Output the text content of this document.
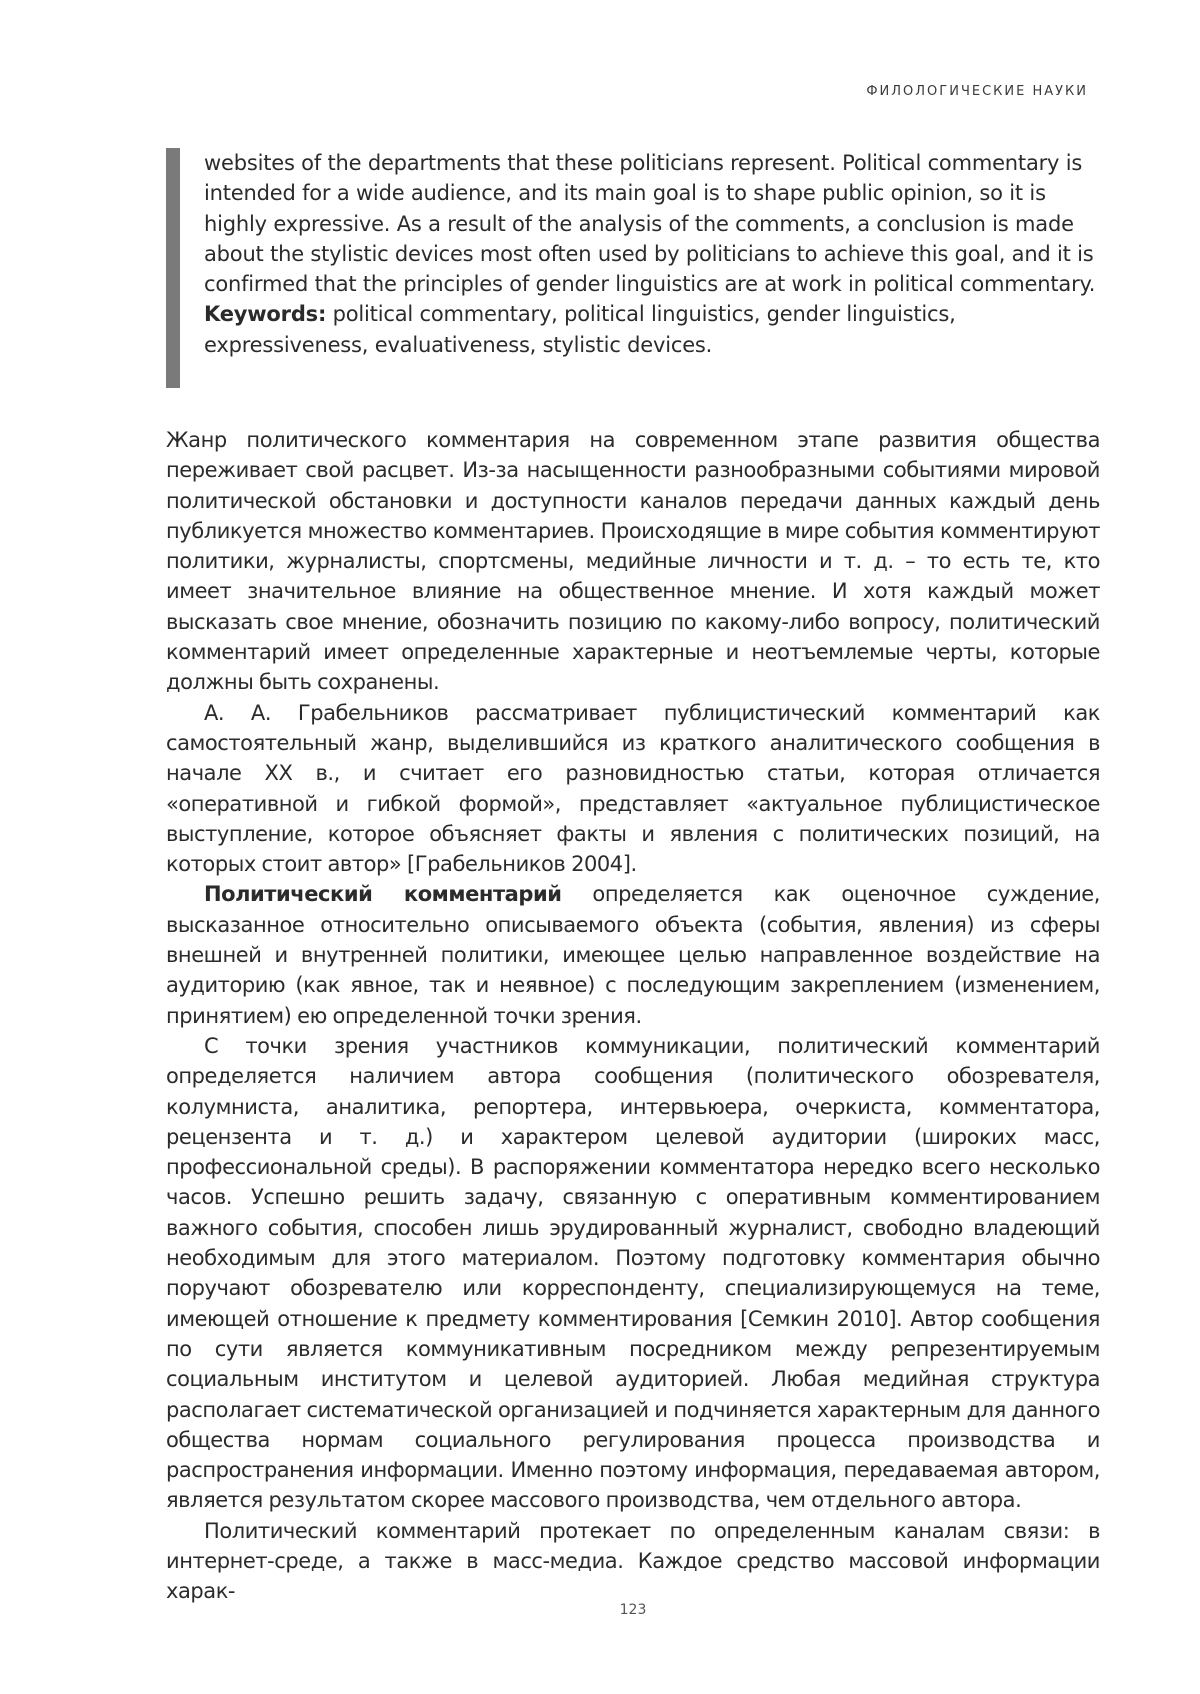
ФИЛОЛОГИЧЕСКИЕ НАУКИ

websites of the departments that these politicians represent. Political commentary is intended for a wide audience, and its main goal is to shape public opinion, so it is highly expressive. As a result of the analysis of the comments, a conclusion is made about the stylistic devices most often used by politicians to achieve this goal, and it is confirmed that the principles of gender linguistics are at work in political commentary.

Keywords: political commentary, political linguistics, gender linguistics, expressiveness, evaluativeness, stylistic devices.

Жанр политического комментария на современном этапе развития общества переживает свой расцвет. Из-за насыщенности разнообразными событиями мировой политической обстановки и доступности каналов передачи данных каждый день публикуется множество комментариев. Происходящие в мире события комментируют политики, журналисты, спортсмены, медийные личности и т. д. – то есть те, кто имеет значительное влияние на общественное мнение. И хотя каждый может высказать свое мнение, обозначить позицию по какому-либо вопросу, политический комментарий имеет определенные характерные и неотъемлемые черты, которые должны быть сохранены.

А. А. Грабельников рассматривает публицистический комментарий как самостоятельный жанр, выделившийся из краткого аналитического сообщения в начале XX в., и считает его разновидностью статьи, которая отличается «оперативной и гибкой формой», представляет «актуальное публицистическое выступление, которое объясняет факты и явления с политических позиций, на которых стоит автор» [Грабельников 2004].

Политический комментарий определяется как оценочное суждение, высказанное относительно описываемого объекта (события, явления) из сферы внешней и внутренней политики, имеющее целью направленное воздействие на аудиторию (как явное, так и неявное) с последующим закреплением (изменением, принятием) ею определенной точки зрения.

С точки зрения участников коммуникации, политический комментарий определяется наличием автора сообщения (политического обозревателя, колумниста, аналитика, репортера, интервьюера, очеркиста, комментатора, рецензента и т. д.) и характером целевой аудитории (широких масс, профессиональной среды). В распоряжении комментатора нередко всего несколько часов. Успешно решить задачу, связанную с оперативным комментированием важного события, способен лишь эрудированный журналист, свободно владеющий необходимым для этого материалом. Поэтому подготовку комментария обычно поручают обозревателю или корреспонденту, специализирующемуся на теме, имеющей отношение к предмету комментирования [Семкин 2010]. Автор сообщения по сути является коммуникативным посредником между репрезентируемым социальным институтом и целевой аудиторией. Любая медийная структура располагает систематической организацией и подчиняется характерным для данного общества нормам социального регулирования процесса производства и распространения информации. Именно поэтому информация, передаваемая автором, является результатом скорее массового производства, чем отдельного автора.

Политический комментарий протекает по определенным каналам связи: в интернет-среде, а также в масс-медиа. Каждое средство массовой информации харак-

123
